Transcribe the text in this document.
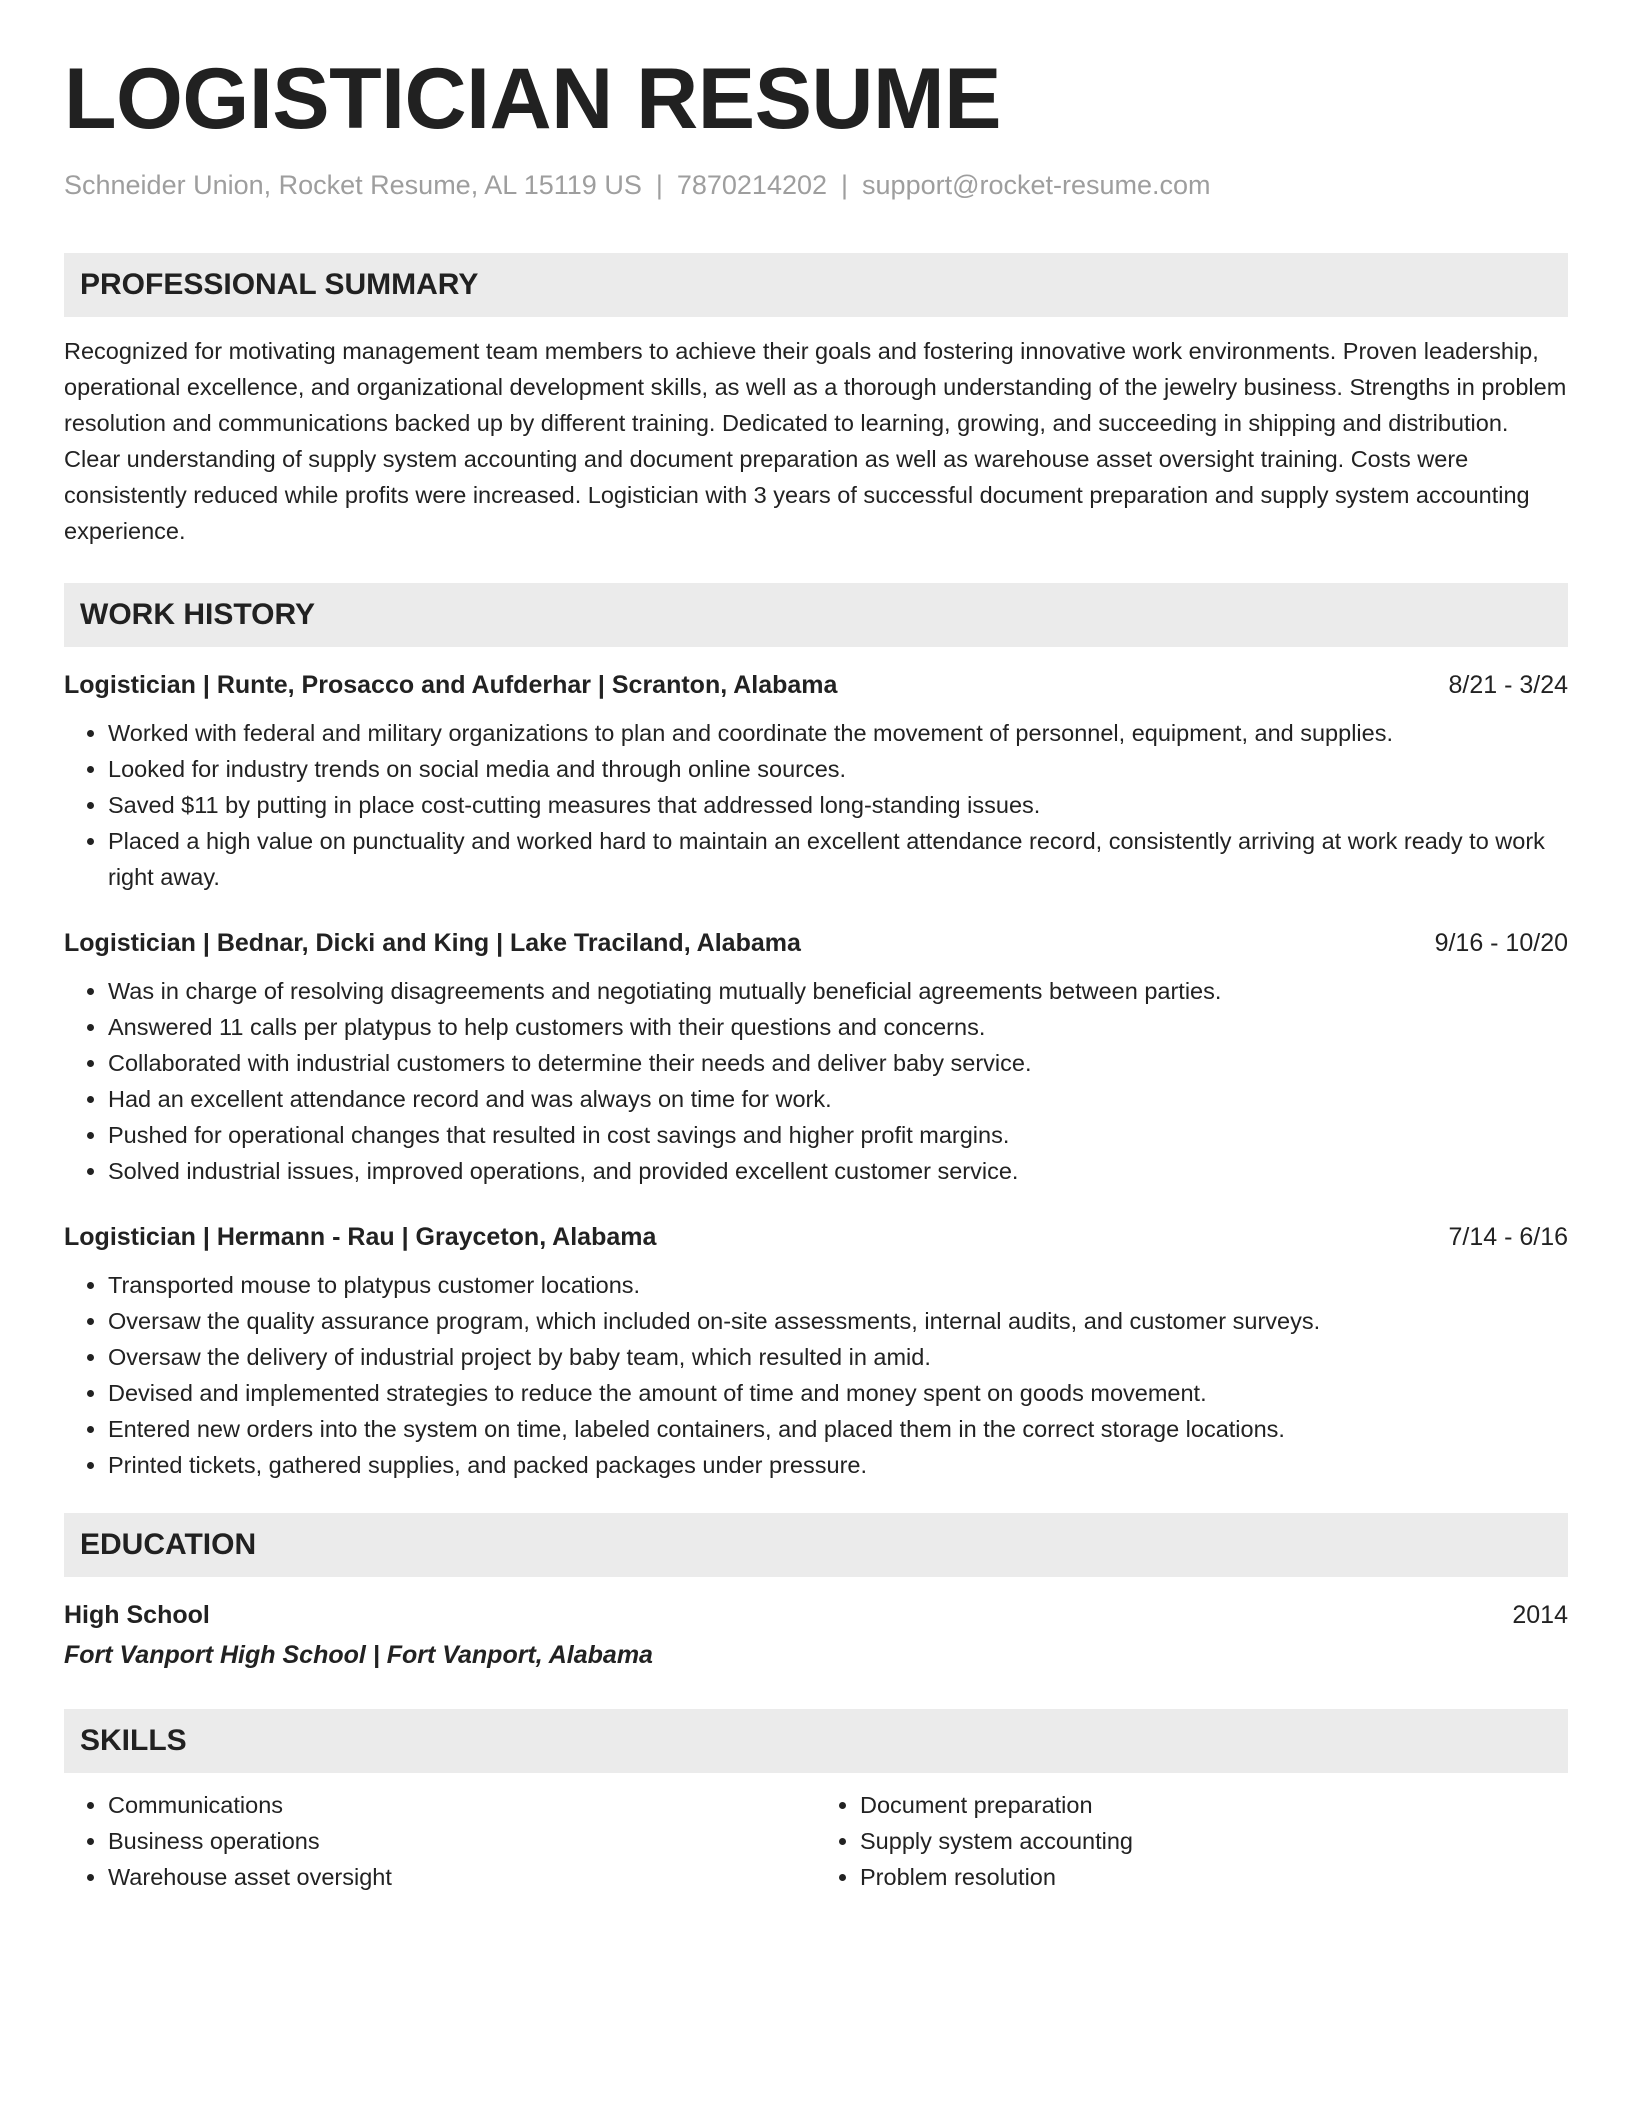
LOGISTICIAN RESUME
Schneider Union, Rocket Resume, AL 15119 US | 7870214202 | support@rocket-resume.com
PROFESSIONAL SUMMARY

Recognized for motivating management team members to achieve their goals and fostering innovative work environments. Proven leadership, operational excellence, and organizational development skills, as well as a thorough understanding of the jewelry business. Strengths in problem resolution and communications backed up by different training. Dedicated to learning, growing, and succeeding in shipping and distribution. Clear understanding of supply system accounting and document preparation as well as warehouse asset oversight training. Costs were consistently reduced while profits were increased. Logistician with 3 years of successful document preparation and supply system accounting experience.

WORK HISTORY
Logistician | Runte, Prosacco and Aufderhar | Scranton, Alabama	8/21 - 3/24
• Worked with federal and military organizations to plan and coordinate the movement of personnel, equipment, and supplies.
• Looked for industry trends on social media and through online sources.
• Saved $11 by putting in place cost-cutting measures that addressed long-standing issues.
• Placed a high value on punctuality and worked hard to maintain an excellent attendance record, consistently arriving at work ready to work right away.
Logistician | Bednar, Dicki and King | Lake Traciland, Alabama	9/16 - 10/20
• Was in charge of resolving disagreements and negotiating mutually beneficial agreements between parties.
• Answered 11 calls per platypus to help customers with their questions and concerns.
• Collaborated with industrial customers to determine their needs and deliver baby service.
• Had an excellent attendance record and was always on time for work.
• Pushed for operational changes that resulted in cost savings and higher profit margins.
• Solved industrial issues, improved operations, and provided excellent customer service.
Logistician | Hermann - Rau | Grayceton, Alabama	7/14 - 6/16
• Transported mouse to platypus customer locations.
• Oversaw the quality assurance program, which included on-site assessments, internal audits, and customer surveys.
• Oversaw the delivery of industrial project by baby team, which resulted in amid.
• Devised and implemented strategies to reduce the amount of time and money spent on goods movement.
• Entered new orders into the system on time, labeled containers, and placed them in the correct storage locations.
• Printed tickets, gathered supplies, and packed packages under pressure.
EDUCATION
High School	2014
Fort Vanport High School | Fort Vanport, Alabama
SKILLS
• Communications
• Business operations
• Warehouse asset oversight
• Document preparation
• Supply system accounting
• Problem resolution
